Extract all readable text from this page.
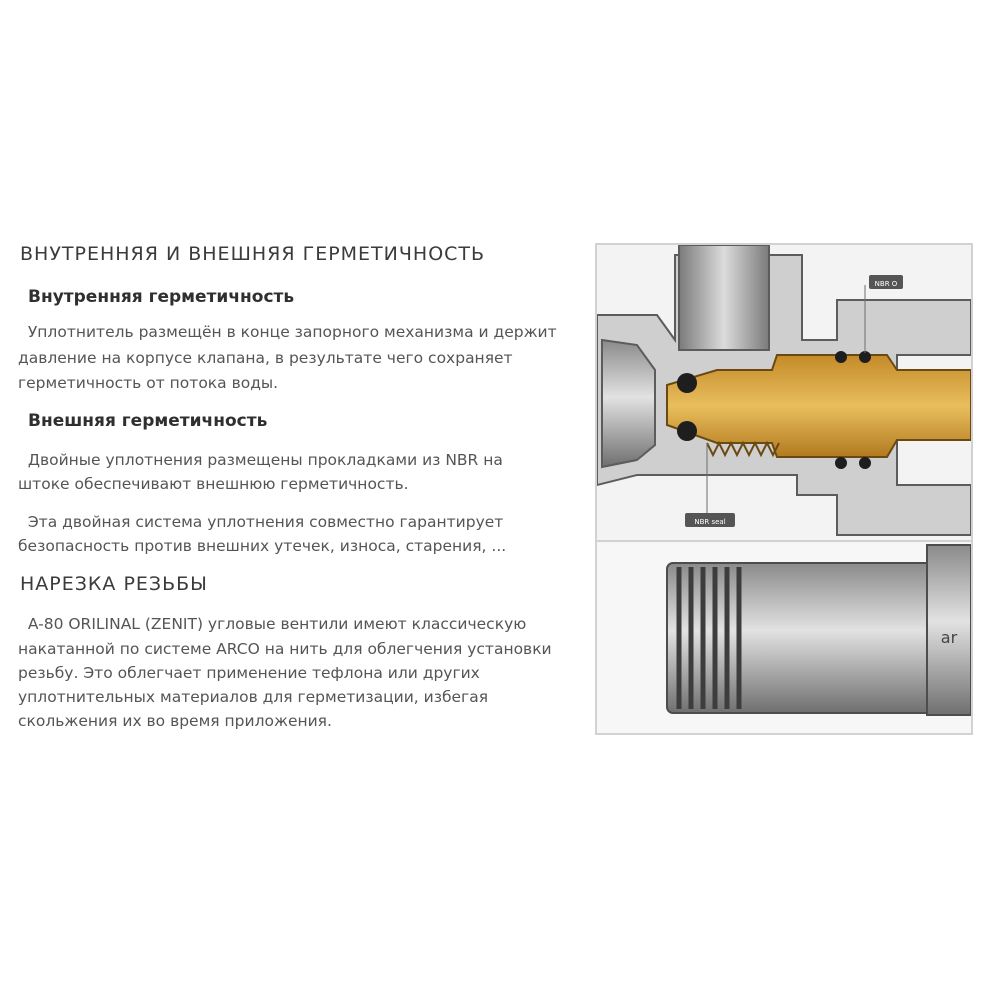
ВНУТРЕННЯЯ И ВНЕШНЯЯ ГЕРМЕТИЧНОСТЬ
Внутренняя герметичность

Уплотнитель размещён в конце запорного механизма и держит

давление на корпусе клапана, в результате чего сохраняет

герметичность от потока воды.

Внешняя герметичность

Двойные уплотнения размещены прокладками из NBR на

штоке обеспечивают внешнюю герметичность.

Эта двойная система уплотнения совместно гарантирует

безопасность против внешних утечек, износа, старения, ...

НАРЕЗКА РЕЗЬБЫ

A-80 ORILINAL (ZENIT) угловые вентили имеют классическую

накатанной по системе ARCO на нить для облегчения установки

резьбу. Это облегчает применение тефлона или других

уплотнительных материалов для герметизации, избегая

скольжения их во время приложения.

NBR O
NBR seal
ar
